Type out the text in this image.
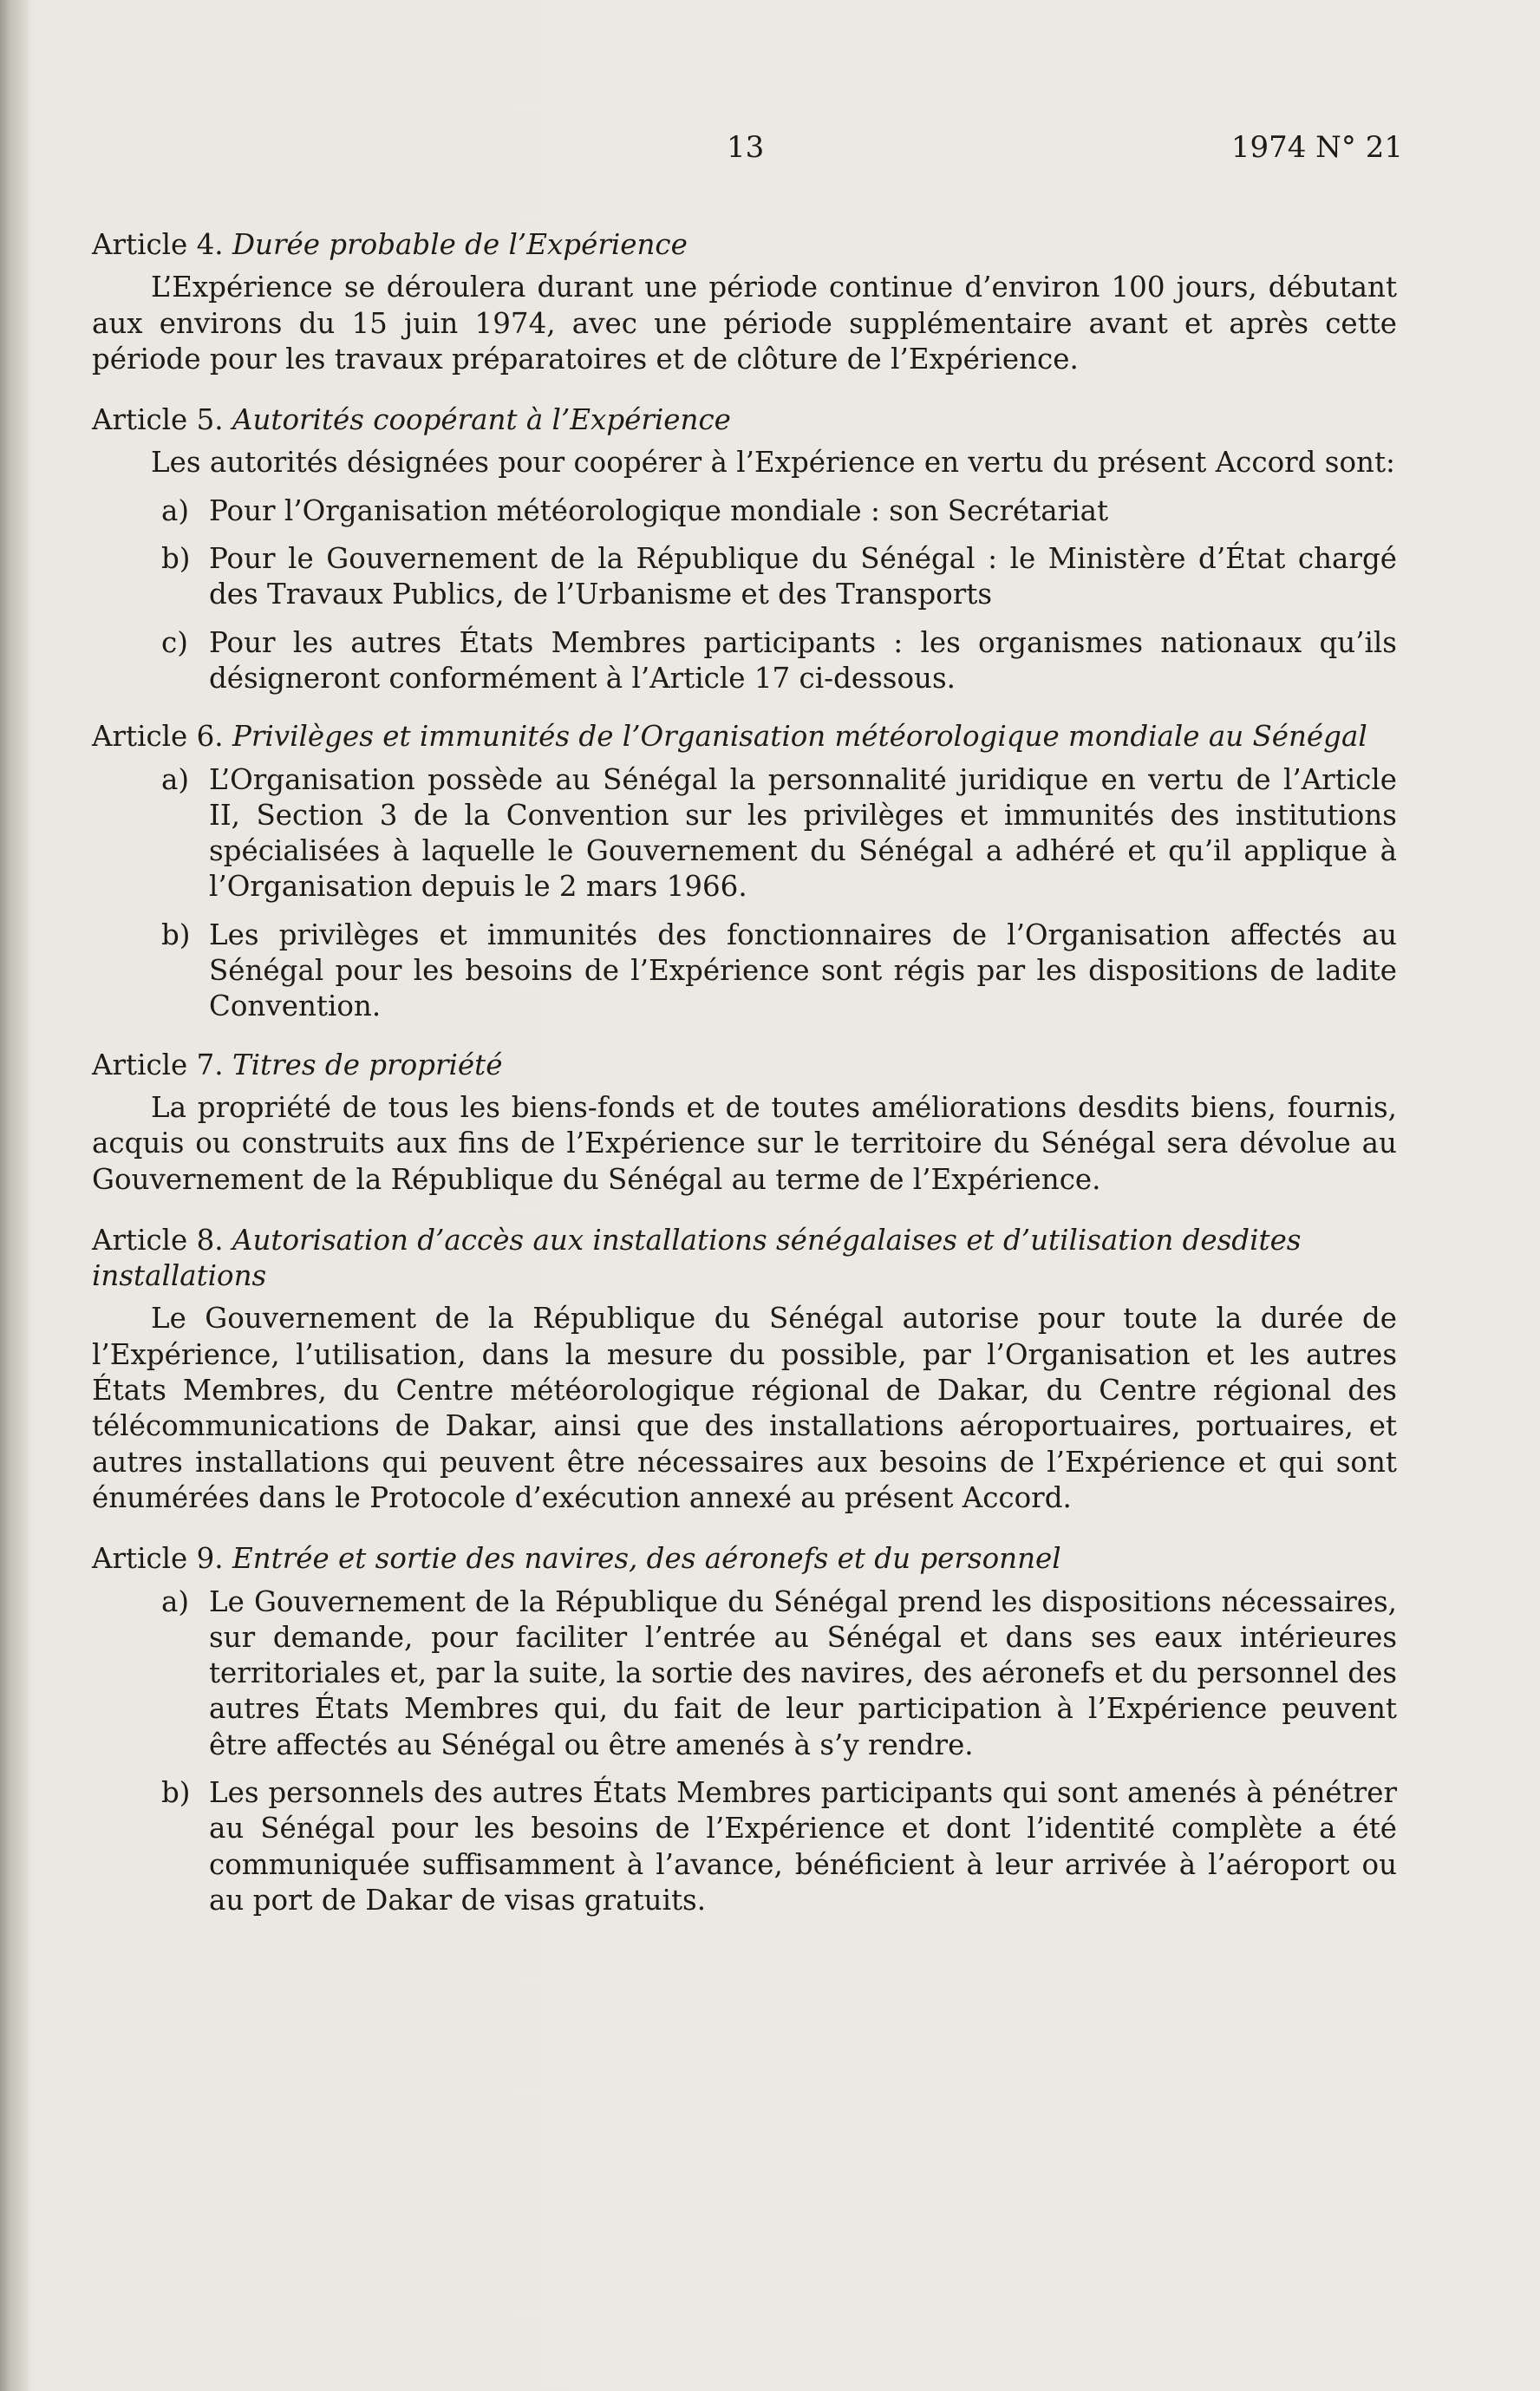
13	1974 N° 21

Article 4. Durée probable de l’Expérience

L’Expérience se déroulera durant une période continue d’environ 100 jours, débutant aux environs du 15 juin 1974, avec une période supplémentaire avant et après cette période pour les travaux préparatoires et de clôture de l’Expérience.

Article 5. Autorités coopérant à l’Expérience

Les autorités désignées pour coopérer à l’Expérience en vertu du présent Accord sont:

a) Pour l’Organisation météorologique mondiale : son Secrétariat
b) Pour le Gouvernement de la République du Sénégal : le Ministère d’État chargé des Travaux Publics, de l’Urbanisme et des Transports
c) Pour les autres États Membres participants : les organismes nationaux qu’ils désigneront conformément à l’Article 17 ci-dessous.

Article 6. Privilèges et immunités de l’Organisation météorologique mondiale au Sénégal

a) L’Organisation possède au Sénégal la personnalité juridique en vertu de l’Article II, Section 3 de la Convention sur les privilèges et immunités des institutions spécialisées à laquelle le Gouvernement du Sénégal a adhéré et qu’il applique à l’Organisation depuis le 2 mars 1966.
b) Les privilèges et immunités des fonctionnaires de l’Organisation affectés au Sénégal pour les besoins de l’Expérience sont régis par les dispositions de ladite Convention.

Article 7. Titres de propriété

La propriété de tous les biens-fonds et de toutes améliorations desdits biens, fournis, acquis ou construits aux fins de l’Expérience sur le territoire du Sénégal sera dévolue au Gouvernement de la République du Sénégal au terme de l’Expérience.

Article 8. Autorisation d’accès aux installations sénégalaises et d’utilisation desdites installations

Le Gouvernement de la République du Sénégal autorise pour toute la durée de l’Expérience, l’utilisation, dans la mesure du possible, par l’Organisation et les autres États Membres, du Centre météorologique régional de Dakar, du Centre régional des télécommunications de Dakar, ainsi que des installations aéroportuaires, portuaires, et autres installations qui peuvent être nécessaires aux besoins de l’Expérience et qui sont énumérées dans le Protocole d’exécution annexé au présent Accord.

Article 9. Entrée et sortie des navires, des aéronefs et du personnel

a) Le Gouvernement de la République du Sénégal prend les dispositions nécessaires, sur demande, pour faciliter l’entrée au Sénégal et dans ses eaux intérieures territoriales et, par la suite, la sortie des navires, des aéronefs et du personnel des autres États Membres qui, du fait de leur participation à l’Expérience peuvent être affectés au Sénégal ou être amenés à s’y rendre.
b) Les personnels des autres États Membres participants qui sont amenés à pénétrer au Sénégal pour les besoins de l’Expérience et dont l’identité complète a été communiquée suffisamment à l’avance, bénéficient à leur arrivée à l’aéroport ou au port de Dakar de visas gratuits.
